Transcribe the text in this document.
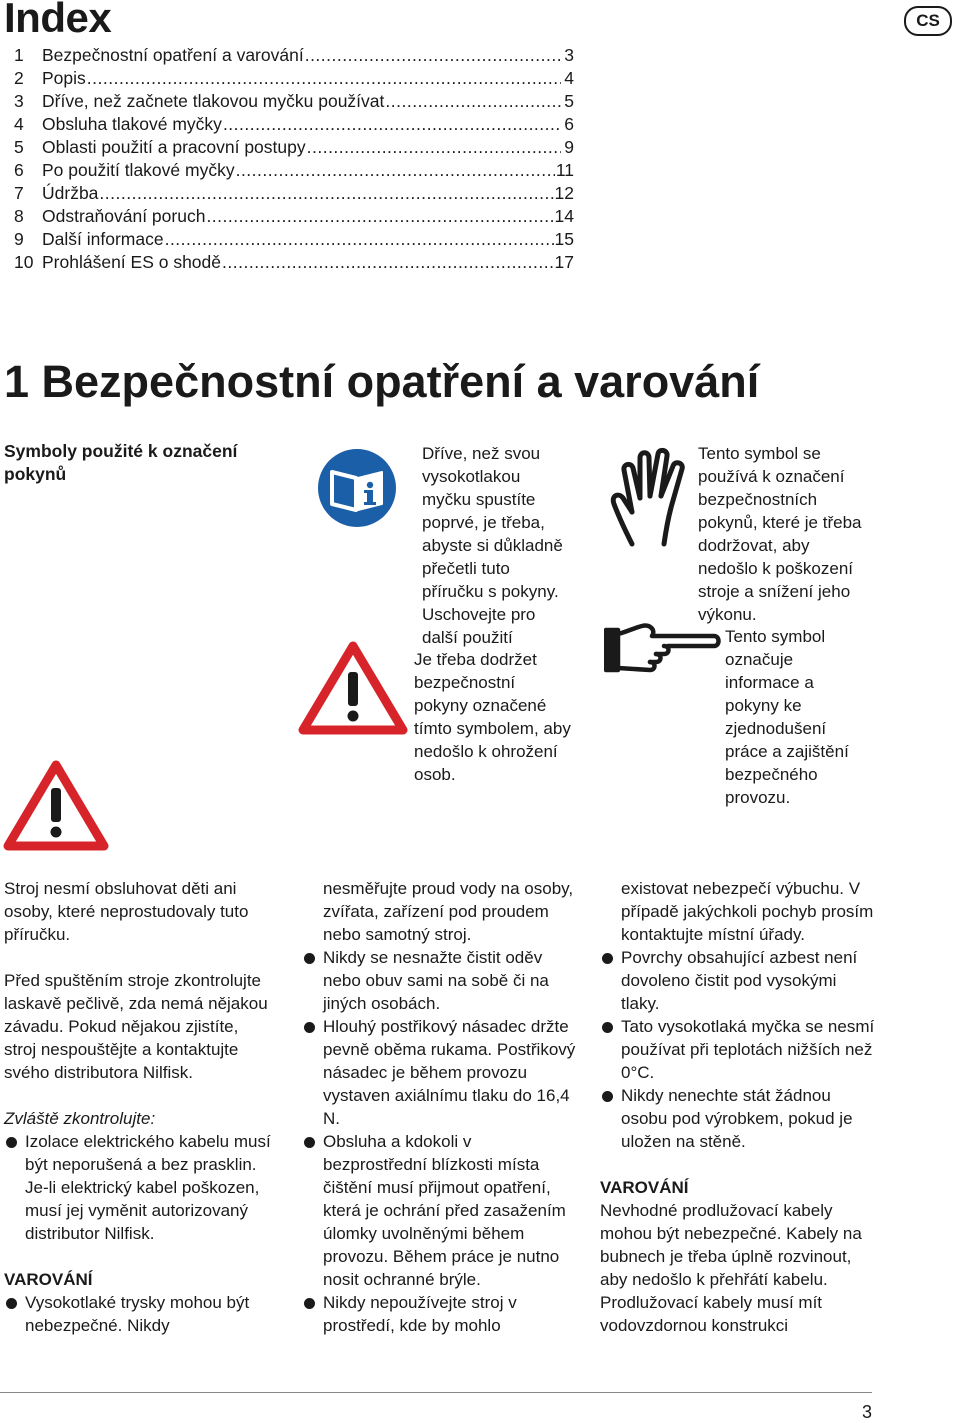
Index	CS
1	Bezpečnostní opatření a varování .....	3
2	Popis .....	4
3	Dříve, než začnete tlakovou myčku používat .....	5
4	Obsluha tlakové myčky .....	6
5	Oblasti použití a pracovní postupy .....	9
6	Po použití tlakové myčky .....	11
7	Údržba .....	12
8	Odstraňování poruch .....	14
9	Další informace .....	15
10 Prohlášení ES o shodě .....	17
1 Bezpečnostní opatření a varování
Symboly použité k označení pokynů
Dříve, než svou vysokotlakou myčku spustíte poprvé, je třeba, abyste si důkladně přečetli tuto příručku s pokyny. Uschovejte pro další použití
Je třeba dodržet bezpečnostní pokyny označené tímto symbolem, aby nedošlo k ohrožení osob.
Tento symbol se používá k označení bezpečnostních pokynů, které je třeba dodržovat, aby nedošlo k poškození stroje a snížení jeho výkonu.
Tento symbol označuje informace a pokyny ke zjednodušení práce a zajištění bezpečného provozu.

Stroj nesmí obsluhovat děti ani osoby, které neprostudovaly tuto příručku.

Před spuštěním stroje zkontrolujte laskavě pečlivě, zda nemá nějakou závadu. Pokud nějakou zjistíte, stroj nespouštějte a kontaktujte svého distributora Nilfisk.

Zvláště zkontrolujte:

Izolace elektrického kabelu musí být neporušená a bez prasklin. Je-li elektrický kabel poškozen, musí jej vyměnit autorizovaný distributor Nilfisk.

VAROVÁNÍ

Vysokotlaké trysky mohou být nebezpečné. Nikdy
nesměřujte proud vody na osoby, zvířata, zařízení pod proudem nebo samotný stroj.
Nikdy se nesnažte čistit oděv nebo obuv sami na sobě či na jiných osobách.
Hlouhý postřikový násadec držte pevně oběma rukama. Postřikový násadec je během provozu vystaven axiálnímu tlaku do 16,4 N.
Obsluha a kdokoli v bezprostřední blízkosti místa čištění musí přijmout opatření, která je ochrání před zasažením úlomky uvolněnými během provozu. Během práce je nutno nosit ochranné brýle.
Nikdy nepoužívejte stroj v prostředí, kde by mohlo
existovat nebezpečí výbuchu. V případě jakýchkoli pochyb prosím kontaktujte místní úřady.
Povrchy obsahující azbest není dovoleno čistit pod vysokými tlaky.
Tato vysokotlaká myčka se nesmí používat při teplotách nižších než 0°C.
Nikdy nenechte stát žádnou osobu pod výrobkem, pokud je uložen na stěně.

VAROVÁNÍ

Nevhodné prodlužovací kabely mohou být nebezpečné. Kabely na bubnech je třeba úplně rozvinout, aby nedošlo k přehřátí kabelu. Prodlužovací kabely musí mít vodovzdornou konstrukci

3
